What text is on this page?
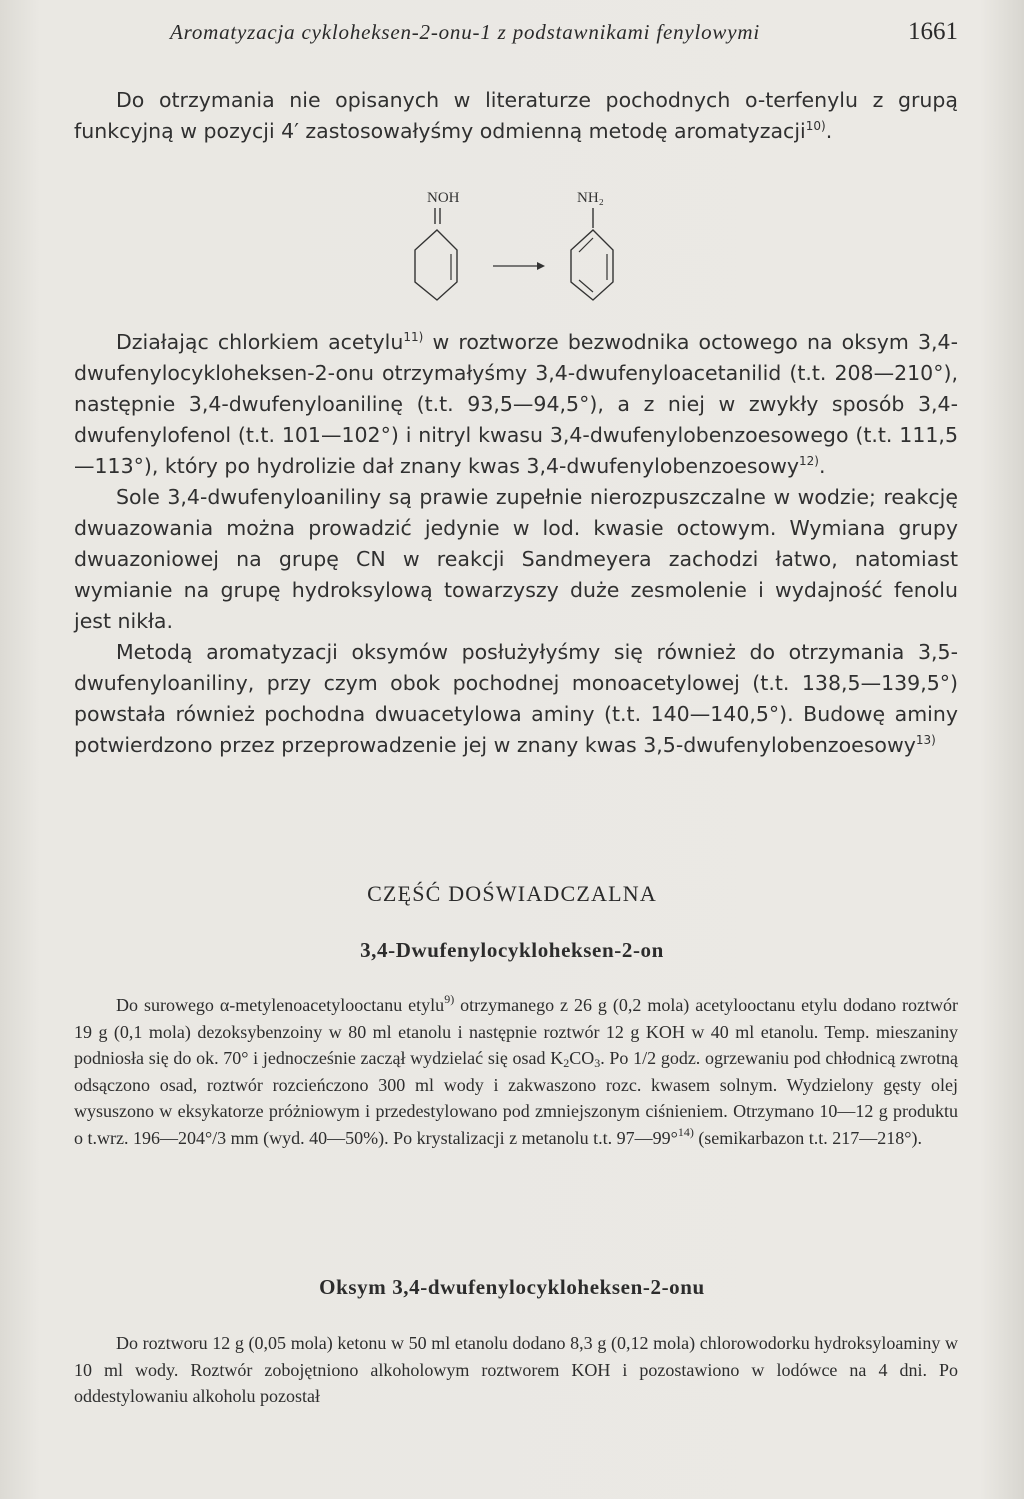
Aromatyzacja cykloheksen-2-onu-1 z podstawnikami fenylowymi	1661

Do otrzymania nie opisanych w literaturze pochodnych o-terfenylu z grupą funkcyjną w pozycji 4′ zastosowałyśmy odmienną metodę aromatyzacji$^{10)}$.

NOH	NH₂

Działając chlorkiem acetylu$^{11)}$ w roztworze bezwodnika octowego na oksym 3,4-dwufenylocykloheksen-2-onu otrzymałyśmy 3,4-dwufenyloacetanilid (t.t. 208—210°), następnie 3,4-dwufenyloanilinę (t.t. 93,5—94,5°), a z niej w zwykły sposób 3,4-dwufenylofenol (t.t. 101—102°) i nitryl kwasu 3,4-dwufenylobenzoesowego (t.t. 111,5—113°), który po hydrolizie dał znany kwas 3,4-dwufenylobenzoesowy$^{12)}$.

Sole 3,4-dwufenyloaniliny są prawie zupełnie nierozpuszczalne w wodzie; reakcję dwuazowania można prowadzić jedynie w lod. kwasie octowym. Wymiana grupy dwuazoniowej na grupę CN w reakcji Sandmeyera zachodzi łatwo, natomiast wymianie na grupę hydroksylową towarzyszy duże zesmolenie i wydajność fenolu jest nikła.

Metodą aromatyzacji oksymów posłużyłyśmy się również do otrzymania 3,5-dwufenyloaniliny, przy czym obok pochodnej monoacetylowej (t.t. 138,5—139,5°) powstała również pochodna dwuacetylowa aminy (t.t. 140—140,5°). Budowę aminy potwierdzono przez przeprowadzenie jej w znany kwas 3,5-dwufenylobenzoesowy$^{13)}$

CZĘŚĆ DOŚWIADCZALNA
3,4-Dwufenylocykloheksen-2-on

Do surowego α-metylenoacetylooctanu etylu$^{9)}$ otrzymanego z 26 g (0,2 mola) acetylooctanu etylu dodano roztwór 19 g (0,1 mola) dezoksybenzoiny w 80 ml etanolu i następnie roztwór 12 g KOH w 40 ml etanolu. Temp. mieszaniny podniosła się do ok. 70° i jednocześnie zaczął wydzielać się osad $K_2CO_3$. Po 1/2 godz. ogrzewaniu pod chłodnicą zwrotną odsączono osad, roztwór rozcieńczono 300 ml wody i zakwaszono rozc. kwasem solnym. Wydzielony gęsty olej wysuszono w eksykatorze próżniowym i przedestylowano pod zmniejszonym ciśnieniem. Otrzymano 10—12 g produktu o t.wrz. 196—204°/3 mm (wyd. 40—50%). Po krystalizacji z metanolu t.t. 97—99°$^{14)}$ (semikarbazon t.t. 217—218°).

Oksym 3,4-dwufenylocykloheksen-2-onu

Do roztworu 12 g (0,05 mola) ketonu w 50 ml etanolu dodano 8,3 g (0,12 mola) chlorowodorku hydroksyloaminy w 10 ml wody. Roztwór zobojętniono alkoholowym roztworem KOH i pozostawiono w lodówce na 4 dni. Po oddestylowaniu alkoholu pozostał
